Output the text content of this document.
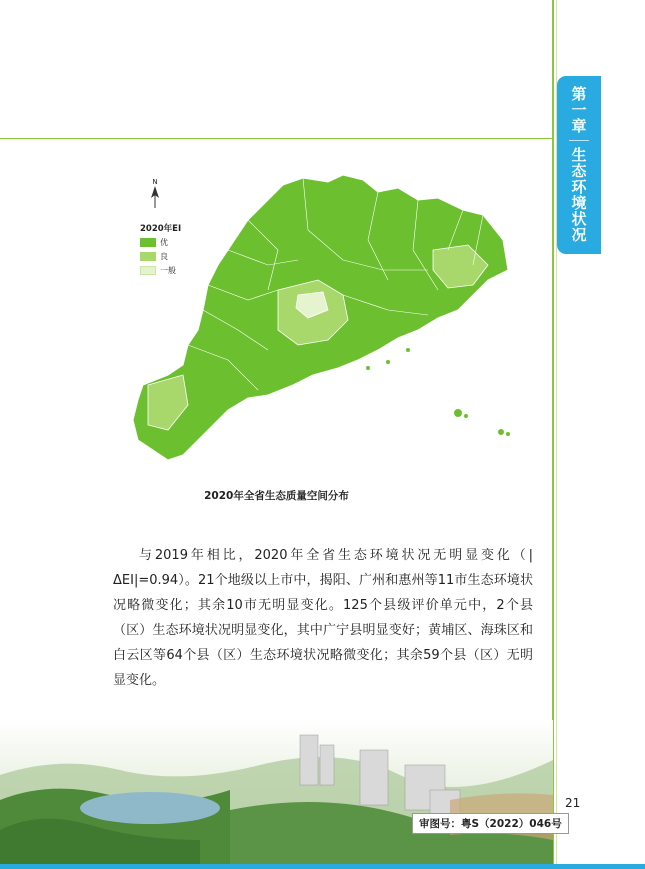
第一章
生态环境状况
N
2020年EI
优
良
一般
2020年全省生态质量空间分布

与2019年相比，2020年全省生态环境状况无明显变化（|ΔEI|=0.94）。21个地级以上市中，揭阳、广州和惠州等11市生态环境状况略微变化；其余10市无明显变化。125个县级评价单元中，2个县（区）生态环境状况明显变化，其中广宁县明显变好；黄埔区、海珠区和白云区等64个县（区）生态环境状况略微变化；其余59个县（区）无明显变化。

审图号：粤S（2022）046号
21
